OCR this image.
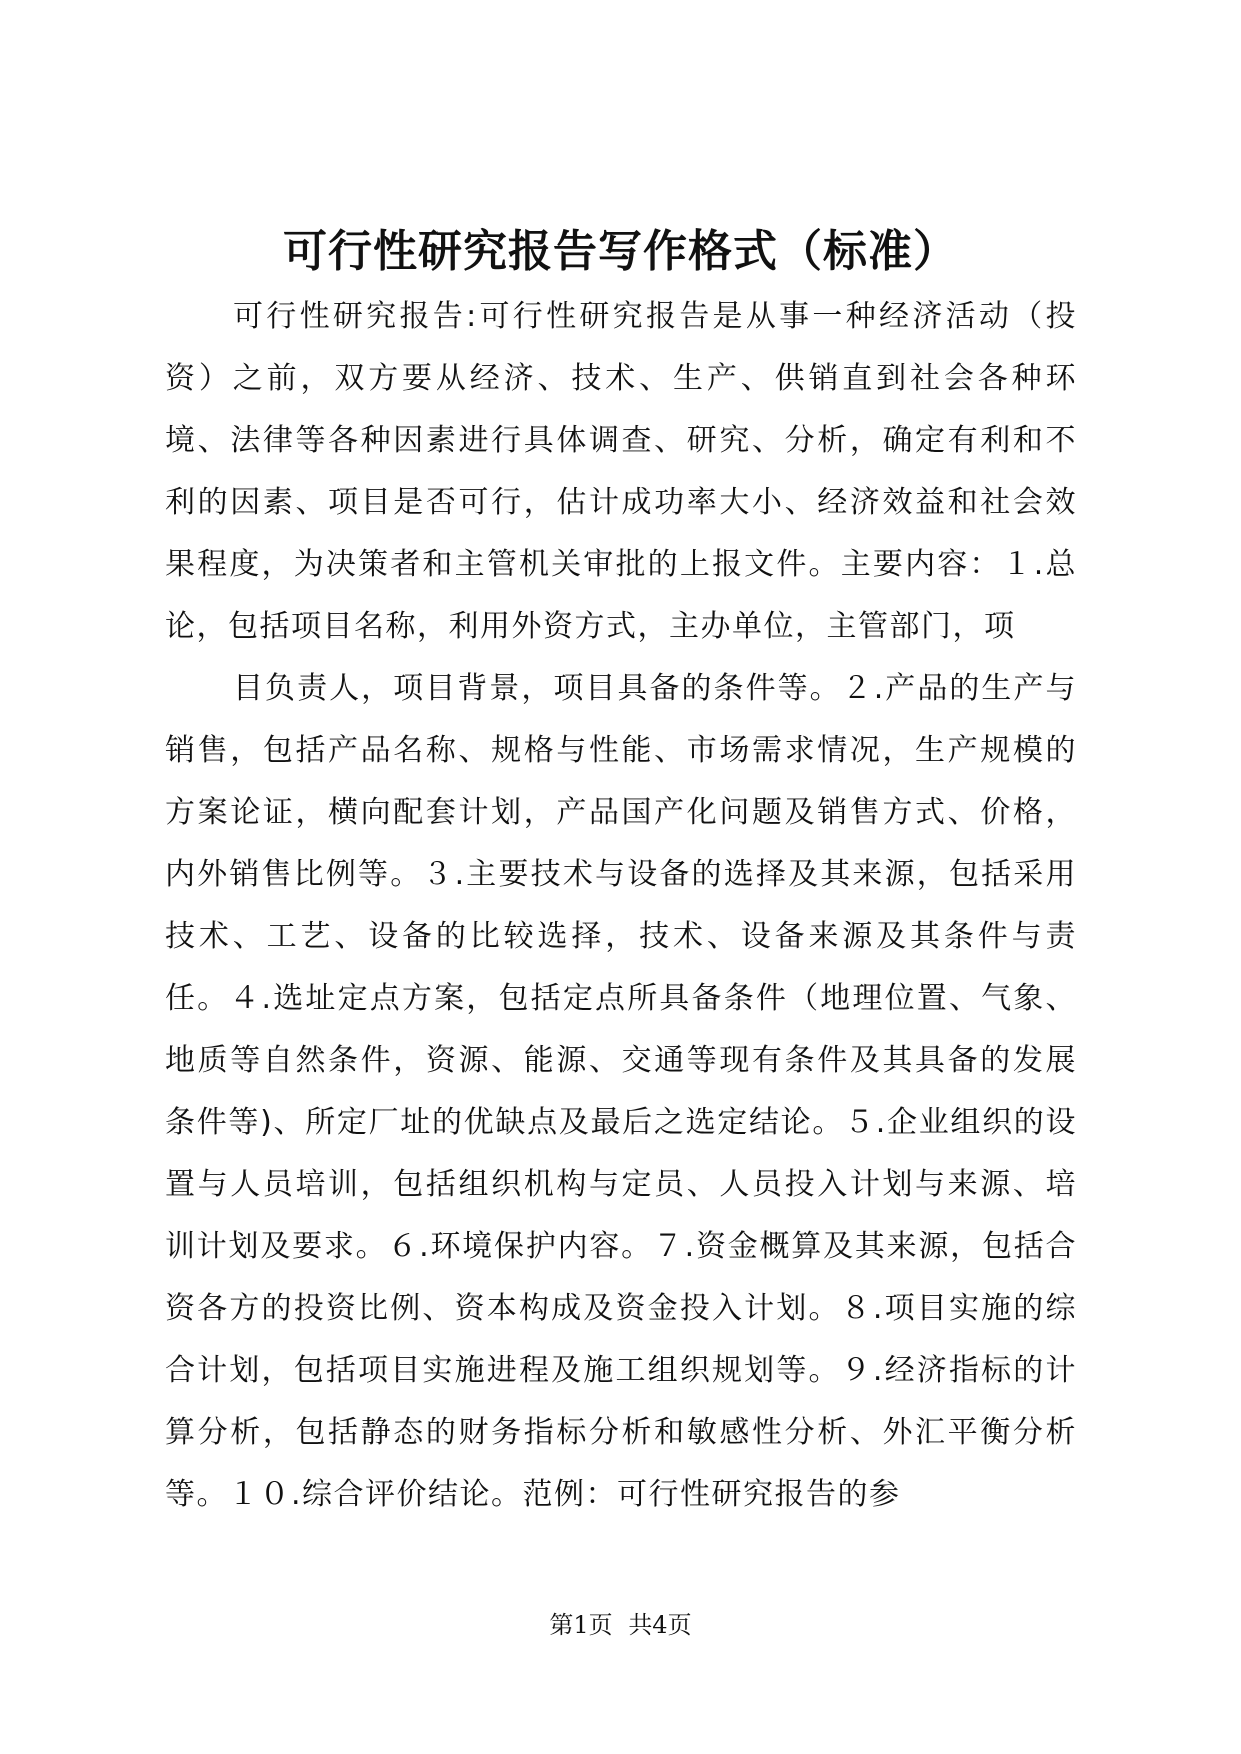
可行性研究报告写作格式（标准）

可行性研究报告:可行性研究报告是从事一种经济活动（投资）之前，双方要从经济、技术、生产、供销直到社会各种环境、法律等各种因素进行具体调查、研究、分析，确定有利和不利的因素、项目是否可行，估计成功率大小、经济效益和社会效果程度，为决策者和主管机关审批的上报文件。主要内容：１.总论，包括项目名称，利用外资方式，主办单位，主管部门，项

目负责人，项目背景，项目具备的条件等。２.产品的生产与销售，包括产品名称、规格与性能、市场需求情况，生产规模的方案论证，横向配套计划，产品国产化问题及销售方式、价格，内外销售比例等。３.主要技术与设备的选择及其来源，包括采用技术、工艺、设备的比较选择，技术、设备来源及其条件与责任。４.选址定点方案，包括定点所具备条件（地理位置、气象、地质等自然条件，资源、能源、交通等现有条件及其具备的发展条件等)、所定厂址的优缺点及最后之选定结论。５.企业组织的设置与人员培训，包括组织机构与定员、人员投入计划与来源、培训计划及要求。６.环境保护内容。７.资金概算及其来源，包括合资各方的投资比例、资本构成及资金投入计划。８.项目实施的综合计划，包括项目实施进程及施工组织规划等。９.经济指标的计算分析，包括静态的财务指标分析和敏感性分析、外汇平衡分析等。１０.综合评价结论。范例：可行性研究报告的参

第1页 共4页
